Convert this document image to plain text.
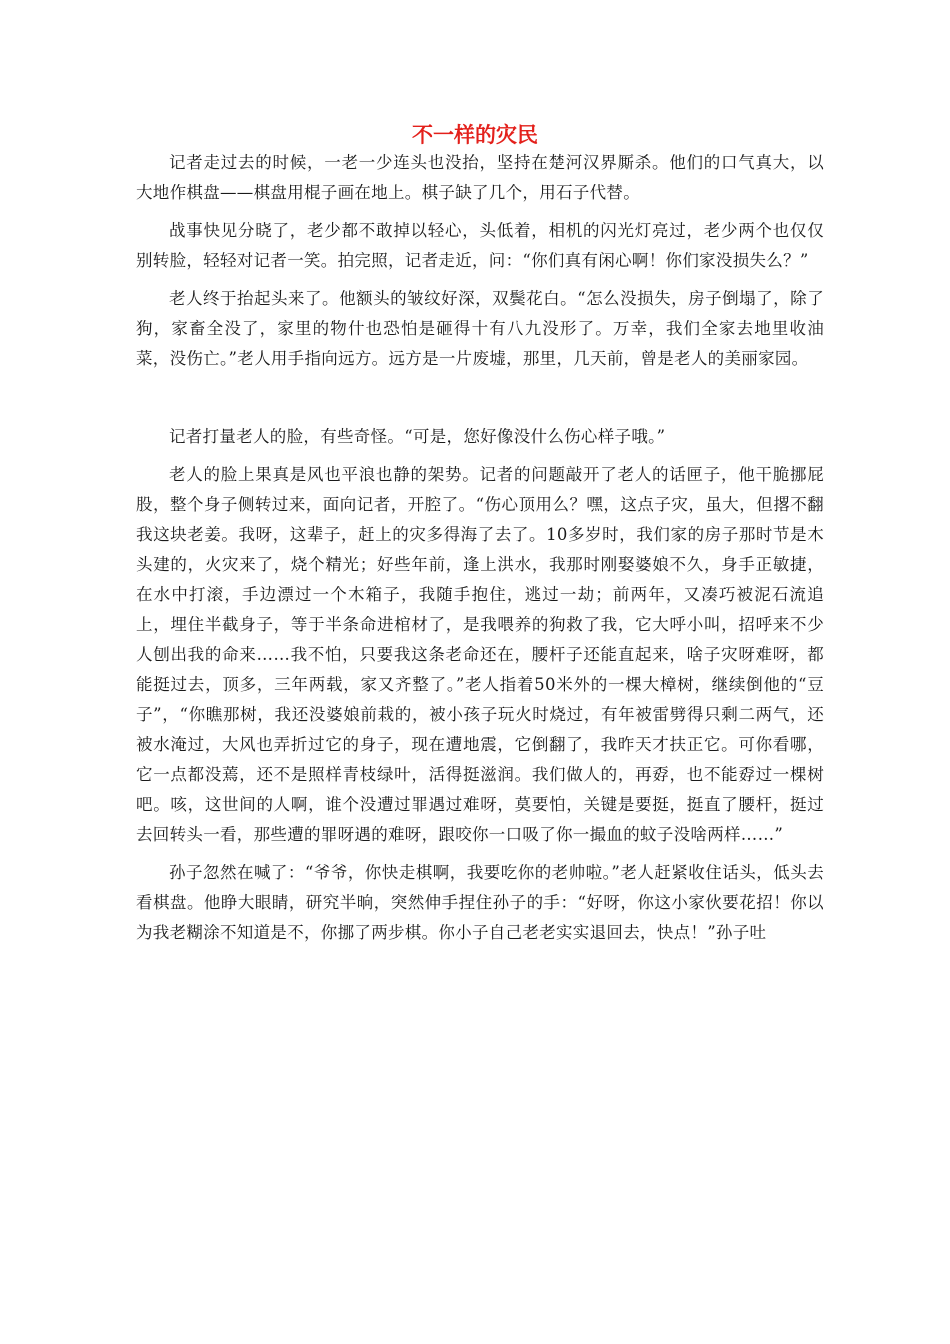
不一样的灾民

记者走过去的时候，一老一少连头也没抬，坚持在楚河汉界厮杀。他们的口气真大，以大地作棋盘——棋盘用棍子画在地上。棋子缺了几个，用石子代替。

战事快见分晓了，老少都不敢掉以轻心，头低着，相机的闪光灯亮过，老少两个也仅仅别转脸，轻轻对记者一笑。拍完照，记者走近，问：“你们真有闲心啊！你们家没损失么？”

老人终于抬起头来了。他额头的皱纹好深，双鬓花白。“怎么没损失，房子倒塌了，除了狗，家畜全没了，家里的物什也恐怕是砸得十有八九没形了。万幸，我们全家去地里收油菜，没伤亡。”老人用手指向远方。远方是一片废墟，那里，几天前，曾是老人的美丽家园。

记者打量老人的脸，有些奇怪。“可是，您好像没什么伤心样子哦。”

老人的脸上果真是风也平浪也静的架势。记者的问题敲开了老人的话匣子，他干脆挪屁股，整个身子侧转过来，面向记者，开腔了。“伤心顶用么？嘿，这点子灾，虽大，但撂不翻我这块老姜。我呀，这辈子，赶上的灾多得海了去了。10多岁时，我们家的房子那时节是木头建的，火灾来了，烧个精光；好些年前，逢上洪水，我那时刚娶婆娘不久，身手正敏捷，在水中打滚，手边漂过一个木箱子，我随手抱住，逃过一劫；前两年，又凑巧被泥石流追上，埋住半截身子，等于半条命进棺材了，是我喂养的狗救了我，它大呼小叫，招呼来不少人刨出我的命来……我不怕，只要我这条老命还在，腰杆子还能直起来，啥子灾呀难呀，都能挺过去，顶多，三年两载，家又齐整了。”老人指着50米外的一棵大樟树，继续倒他的“豆子”，“你瞧那树，我还没婆娘前栽的，被小孩子玩火时烧过，有年被雷劈得只剩二两气，还被水淹过，大风也弄折过它的身子，现在遭地震，它倒翻了，我昨天才扶正它。可你看哪，它一点都没蔫，还不是照样青枝绿叶，活得挺滋润。我们做人的，再孬，也不能孬过一棵树吧。咳，这世间的人啊，谁个没遭过罪遇过难呀，莫要怕，关键是要挺，挺直了腰杆，挺过去回转头一看，那些遭的罪呀遇的难呀，跟咬你一口吸了你一撮血的蚊子没啥两样……”

孙子忽然在喊了：“爷爷，你快走棋啊，我要吃你的老帅啦。”老人赶紧收住话头，低头去看棋盘。他睁大眼睛，研究半晌，突然伸手捏住孙子的手：“好呀，你这小家伙要花招！你以为我老糊涂不知道是不，你挪了两步棋。你小子自己老老实实退回去，快点！”孙子吐
